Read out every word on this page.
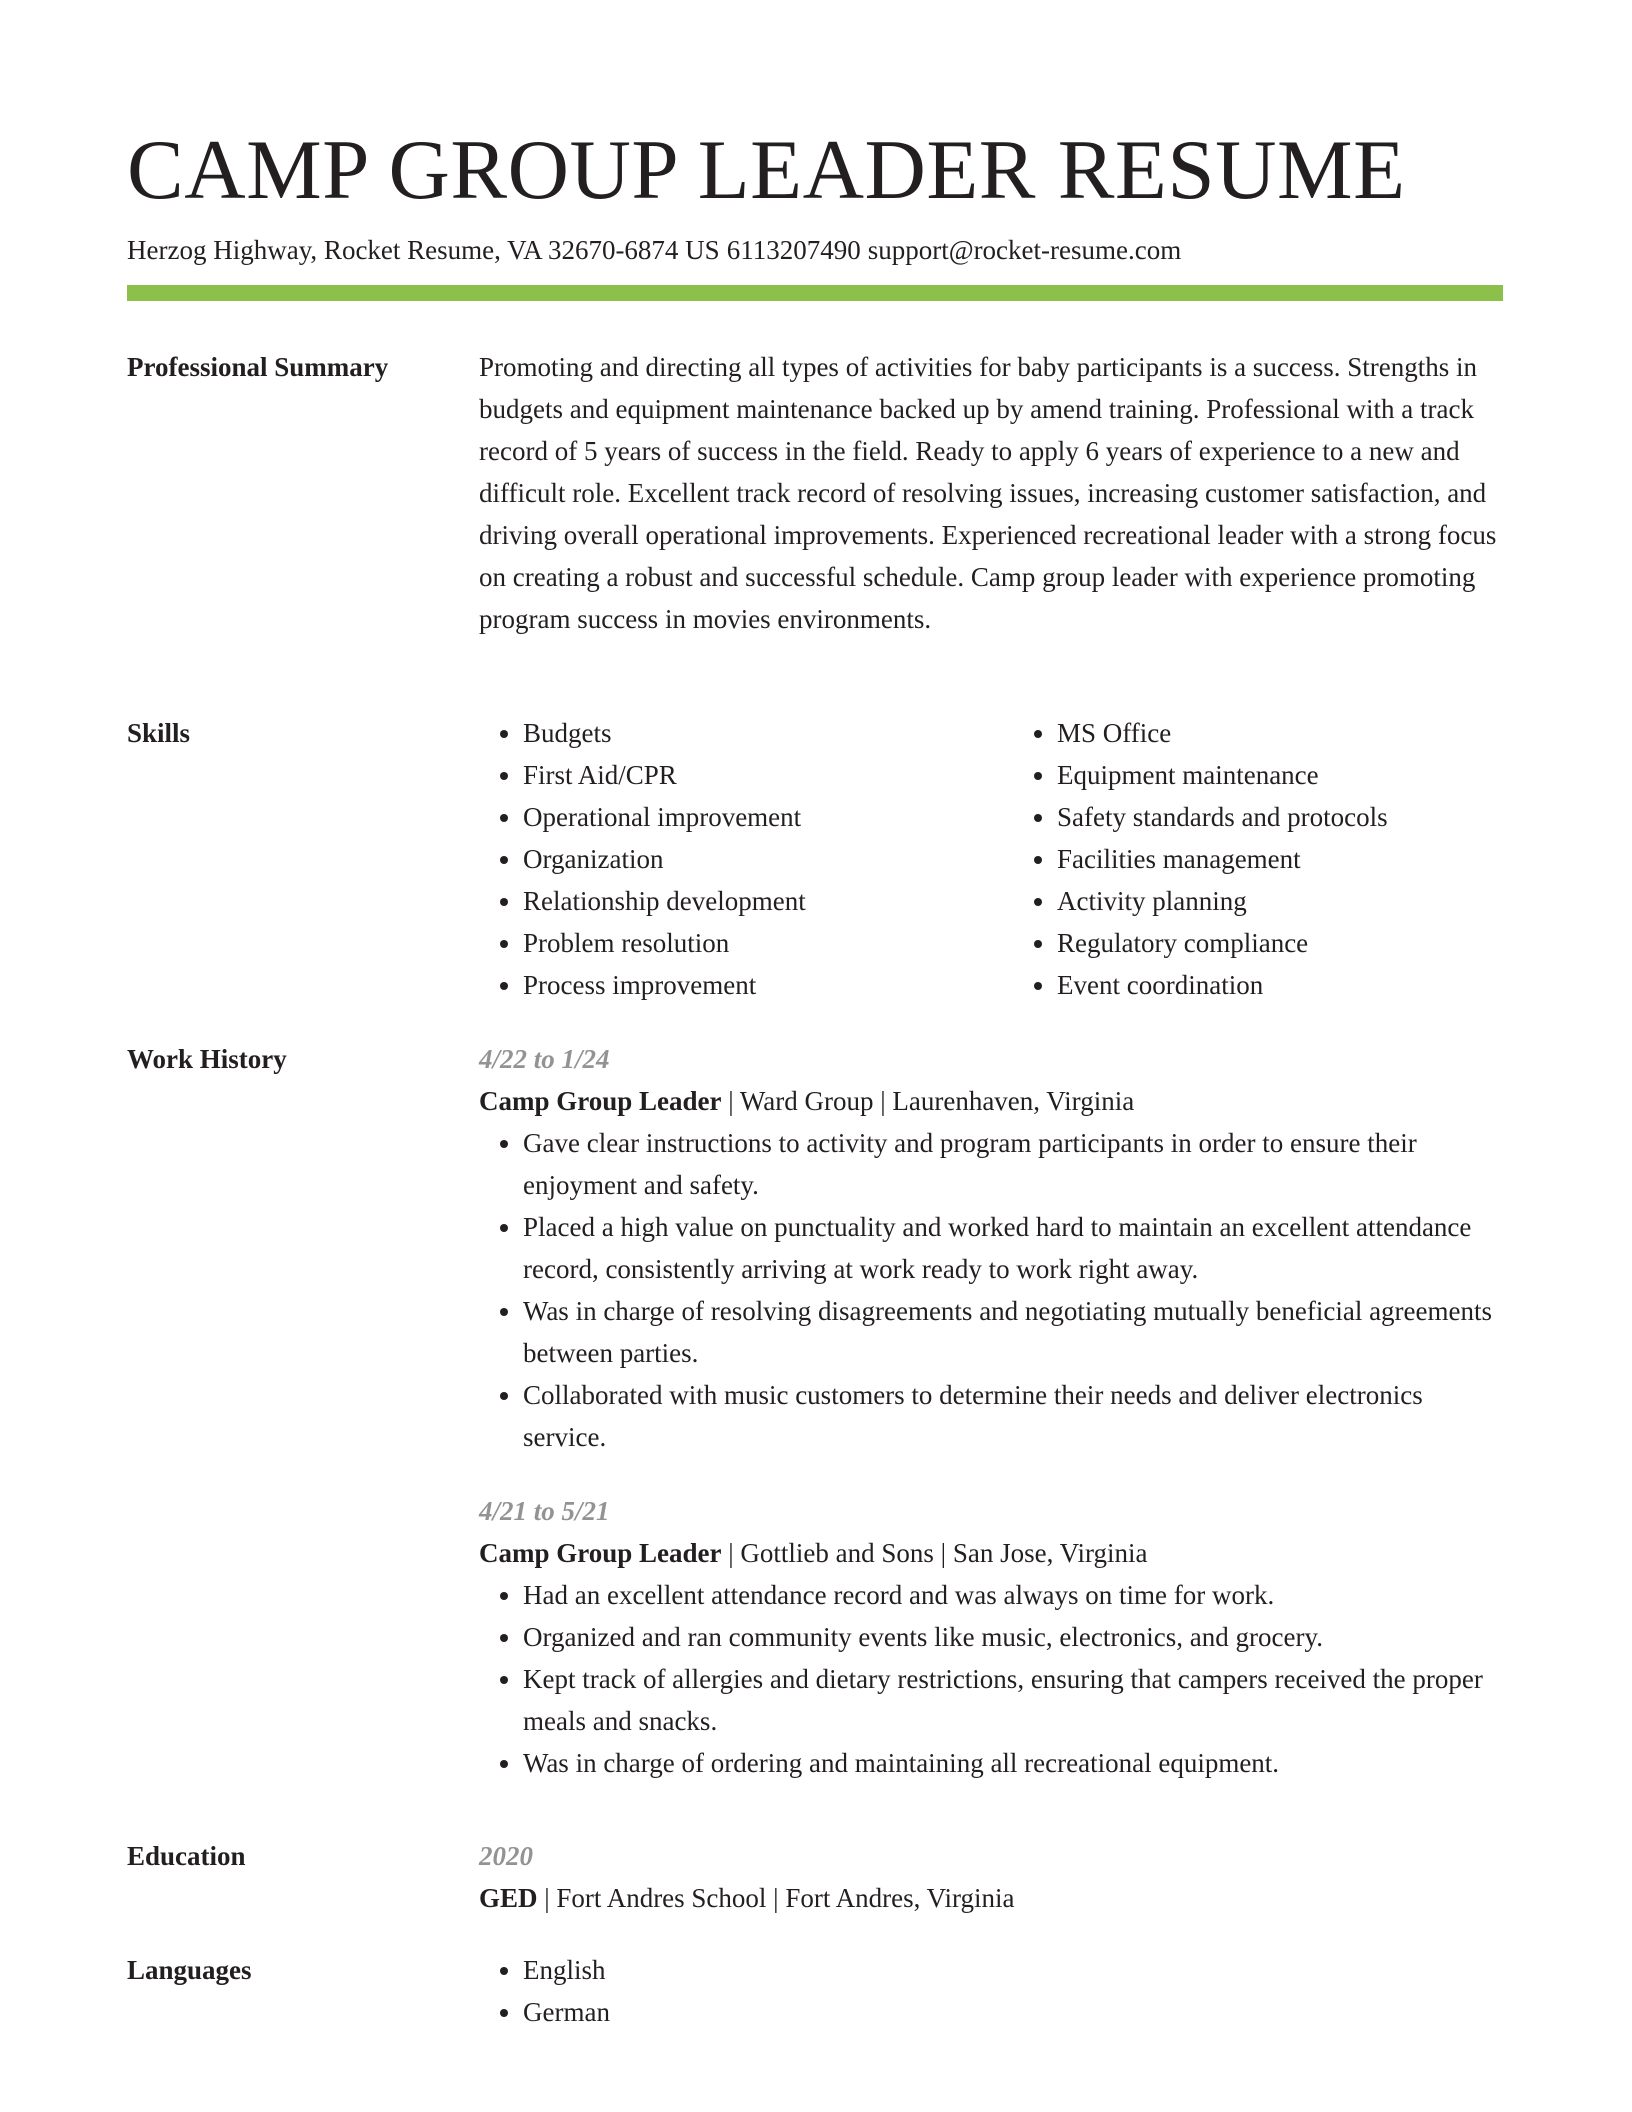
CAMP GROUP LEADER RESUME
Herzog Highway, Rocket Resume, VA 32670-6874 US 6113207490 support@rocket-resume.com
Professional Summary	Promoting and directing all types of activities for baby participants is a success. Strengths in budgets and equipment maintenance backed up by amend training. Professional with a track record of 5 years of success in the field. Ready to apply 6 years of experience to a new and difficult role. Excellent track record of resolving issues, increasing customer satisfaction, and driving overall operational improvements. Experienced recreational leader with a strong focus on creating a robust and successful schedule. Camp group leader with experience promoting program success in movies environments.

Skills	• Budgets
• First Aid/CPR
• Operational improvement
• Organization
• Relationship development
• Problem resolution
• Process improvement
• MS Office
• Equipment maintenance
• Safety standards and protocols
• Facilities management
• Activity planning
• Regulatory compliance
• Event coordination
Work History	4/22 to 1/24
Camp Group Leader | Ward Group | Laurenhaven, Virginia
• Gave clear instructions to activity and program participants in order to ensure their enjoyment and safety.
• Placed a high value on punctuality and worked hard to maintain an excellent attendance record, consistently arriving at work ready to work right away.
• Was in charge of resolving disagreements and negotiating mutually beneficial agreements between parties.
• Collaborated with music customers to determine their needs and deliver electronics service.
4/21 to 5/21
Camp Group Leader | Gottlieb and Sons | San Jose, Virginia
• Had an excellent attendance record and was always on time for work.
• Organized and ran community events like music, electronics, and grocery.
• Kept track of allergies and dietary restrictions, ensuring that campers received the proper meals and snacks.
• Was in charge of ordering and maintaining all recreational equipment.
Education	2020
GED | Fort Andres School | Fort Andres, Virginia
Languages	• English
• German
